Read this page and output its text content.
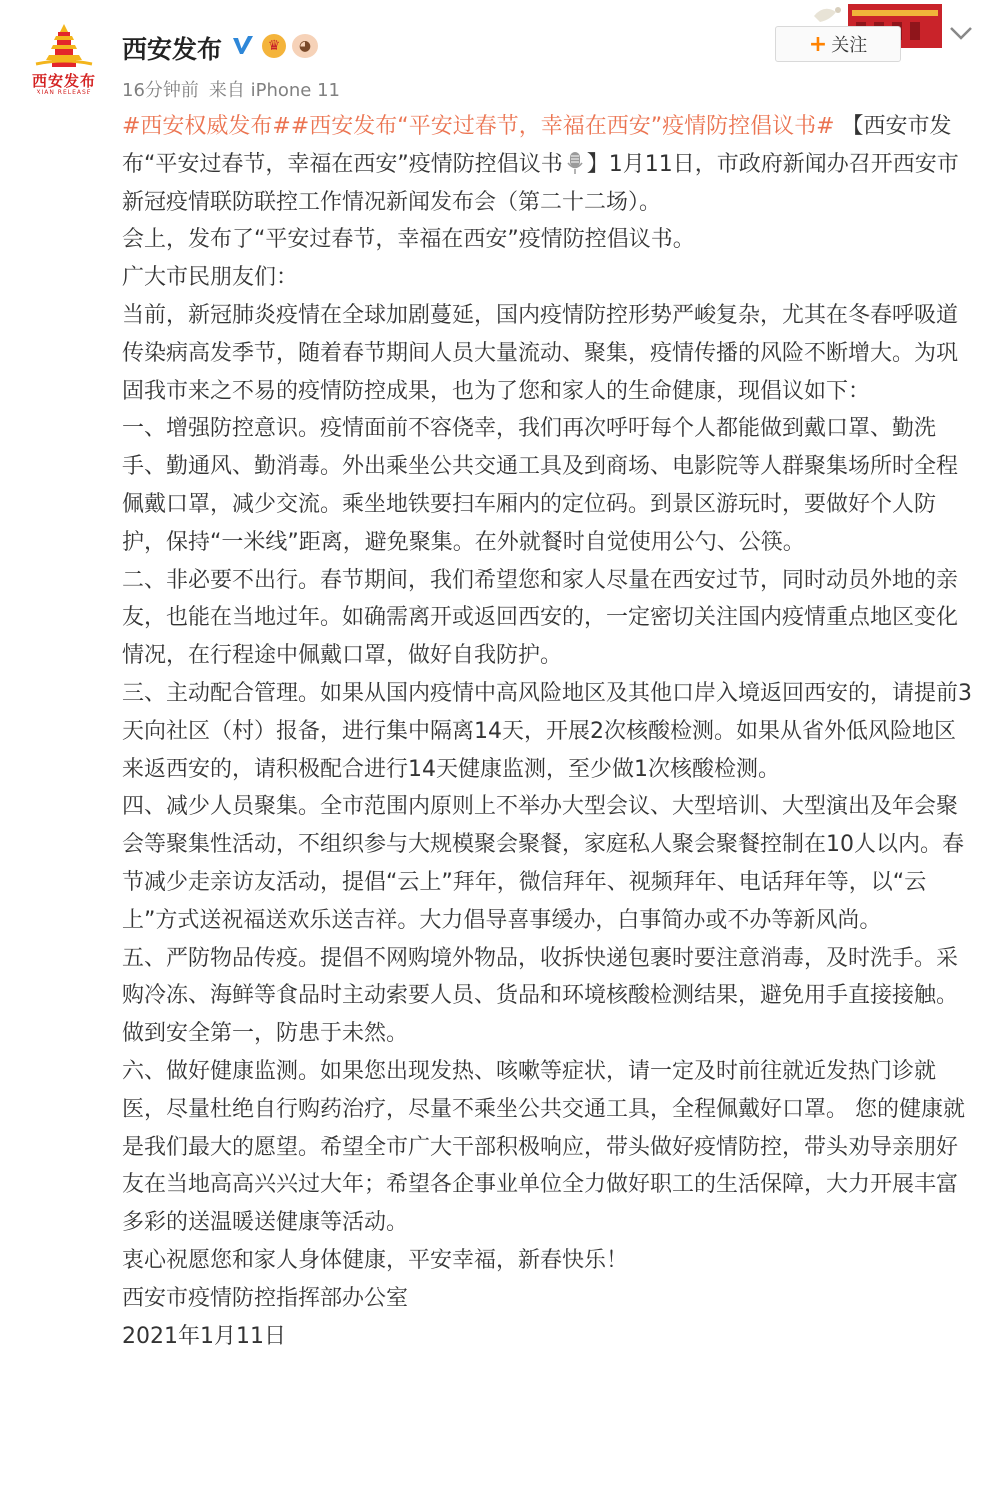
西安发布
XIAN RELEASE
西安发布	♛	◕
16分钟前 来自 iPhone 11
+ 关注

#西安权威发布##西安发布“平安过春节，幸福在西安”疫情防控倡议书# 【西安市发布“平安过春节，幸福在西安”疫情防控倡议书 】1月11日，市政府新闻办召开西安市新冠疫情联防联控工作情况新闻发布会（第二十二场）。

会上，发布了“平安过春节，幸福在西安”疫情防控倡议书。

广大市民朋友们：

当前，新冠肺炎疫情在全球加剧蔓延，国内疫情防控形势严峻复杂，尤其在冬春呼吸道传染病高发季节，随着春节期间人员大量流动、聚集，疫情传播的风险不断增大。为巩固我市来之不易的疫情防控成果，也为了您和家人的生命健康，现倡议如下：

一、增强防控意识。疫情面前不容侥幸，我们再次呼吁每个人都能做到戴口罩、勤洗手、勤通风、勤消毒。外出乘坐公共交通工具及到商场、电影院等人群聚集场所时全程佩戴口罩，减少交流。乘坐地铁要扫车厢内的定位码。到景区游玩时，要做好个人防护，保持“一米线”距离，避免聚集。在外就餐时自觉使用公勺、公筷。

二、非必要不出行。春节期间，我们希望您和家人尽量在西安过节，同时动员外地的亲友，也能在当地过年。如确需离开或返回西安的，一定密切关注国内疫情重点地区变化情况，在行程途中佩戴口罩，做好自我防护。

三、主动配合管理。如果从国内疫情中高风险地区及其他口岸入境返回西安的，请提前3天向社区（村）报备，进行集中隔离14天，开展2次核酸检测。如果从省外低风险地区来返西安的，请积极配合进行14天健康监测，至少做1次核酸检测。

四、减少人员聚集。全市范围内原则上不举办大型会议、大型培训、大型演出及年会聚会等聚集性活动，不组织参与大规模聚会聚餐，家庭私人聚会聚餐控制在10人以内。春节减少走亲访友活动，提倡“云上”拜年，微信拜年、视频拜年、电话拜年等，以“云上”方式送祝福送欢乐送吉祥。大力倡导喜事缓办，白事简办或不办等新风尚。

五、严防物品传疫。提倡不网购境外物品，收拆快递包裹时要注意消毒，及时洗手。采购冷冻、海鲜等食品时主动索要人员、货品和环境核酸检测结果，避免用手直接接触。做到安全第一，防患于未然。

六、做好健康监测。如果您出现发热、咳嗽等症状，请一定及时前往就近发热门诊就医，尽量杜绝自行购药治疗，尽量不乘坐公共交通工具，全程佩戴好口罩。 您的健康就是我们最大的愿望。希望全市广大干部积极响应，带头做好疫情防控，带头劝导亲朋好友在当地高高兴兴过大年；希望各企事业单位全力做好职工的生活保障，大力开展丰富多彩的送温暖送健康等活动。

衷心祝愿您和家人身体健康，平安幸福，新春快乐！

西安市疫情防控指挥部办公室

2021年1月11日
